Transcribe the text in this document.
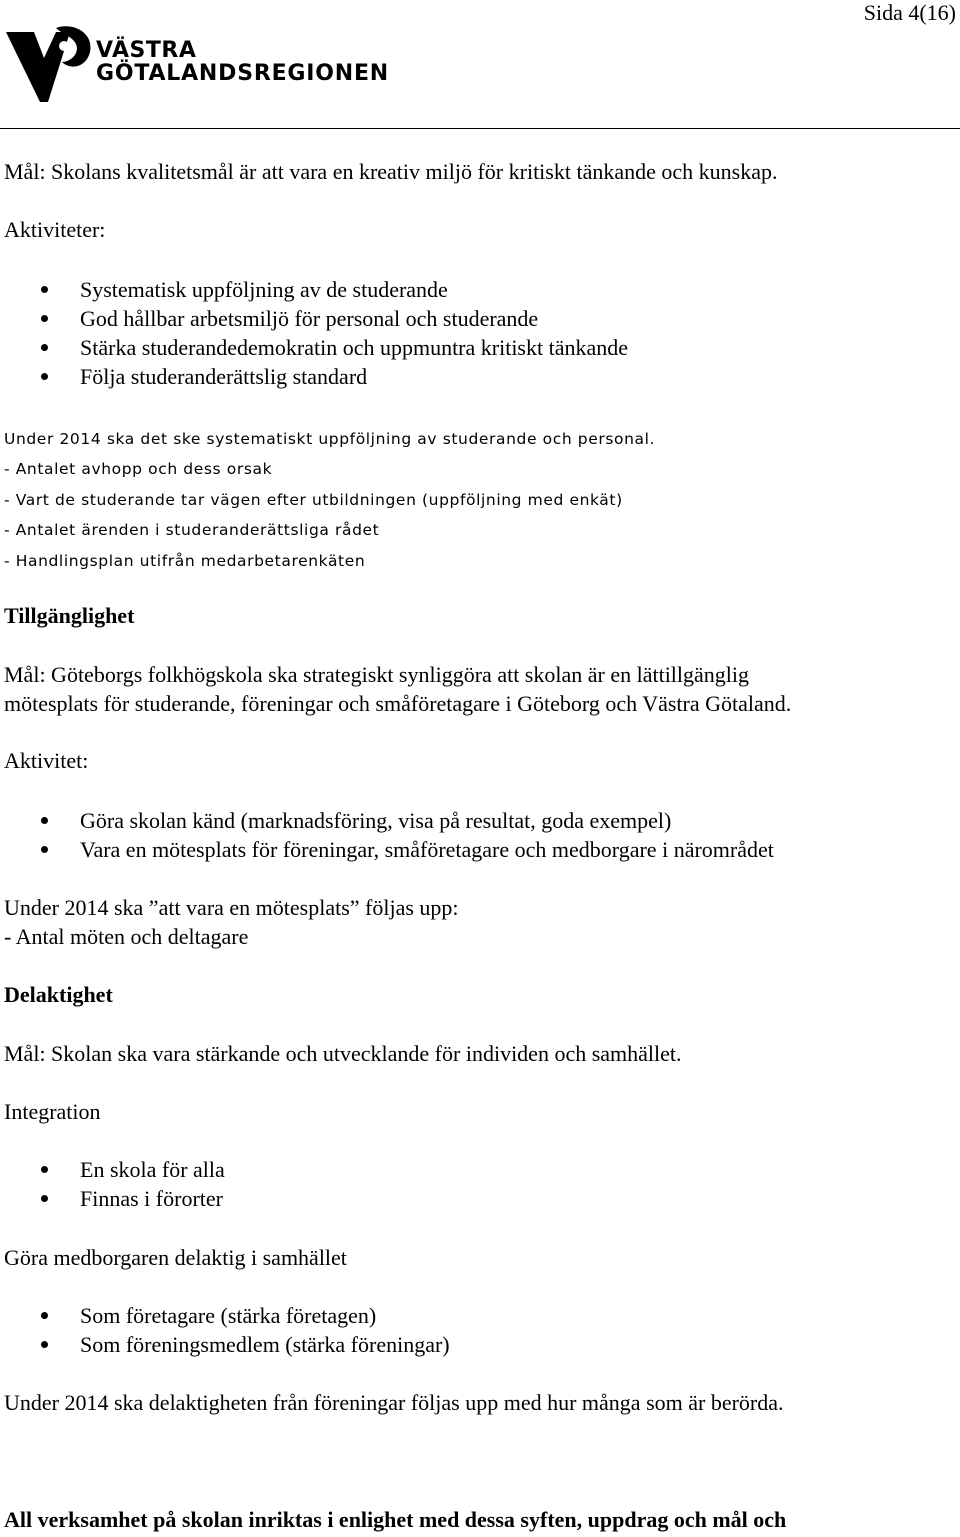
Sida 4(16)
VÄSTRA
GÖTALANDSREGIONEN
Mål: Skolans kvalitetsmål är att vara en kreativ miljö för kritiskt tänkande och kunskap.
Aktiviteter:
Systematisk uppföljning av de studerande
God hållbar arbetsmiljö för personal och studerande
Stärka studerandedemokratin och uppmuntra kritiskt tänkande
Följa studeranderättslig standard
Under 2014 ska det ske systematiskt uppföljning av studerande och personal.
- Antalet avhopp och dess orsak
- Vart de studerande tar vägen efter utbildningen (uppföljning med enkät)
- Antalet ärenden i studeranderättsliga rådet
- Handlingsplan utifrån medarbetarenkäten
Tillgänglighet
Mål: Göteborgs folkhögskola ska strategiskt synliggöra att skolan är en lättillgänglig
mötesplats för studerande, föreningar och småföretagare i Göteborg och Västra Götaland.
Aktivitet:
Göra skolan känd (marknadsföring, visa på resultat, goda exempel)
Vara en mötesplats för föreningar, småföretagare och medborgare i närområdet
Under 2014 ska ”att vara en mötesplats” följas upp:
- Antal möten och deltagare
Delaktighet
Mål: Skolan ska vara stärkande och utvecklande för individen och samhället.
Integration
En skola för alla
Finnas i förorter
Göra medborgaren delaktig i samhället
Som företagare (stärka företagen)
Som föreningsmedlem (stärka föreningar)
Under 2014 ska delaktigheten från föreningar följas upp med hur många som är berörda.
All verksamhet på skolan inriktas i enlighet med dessa syften, uppdrag och mål och
